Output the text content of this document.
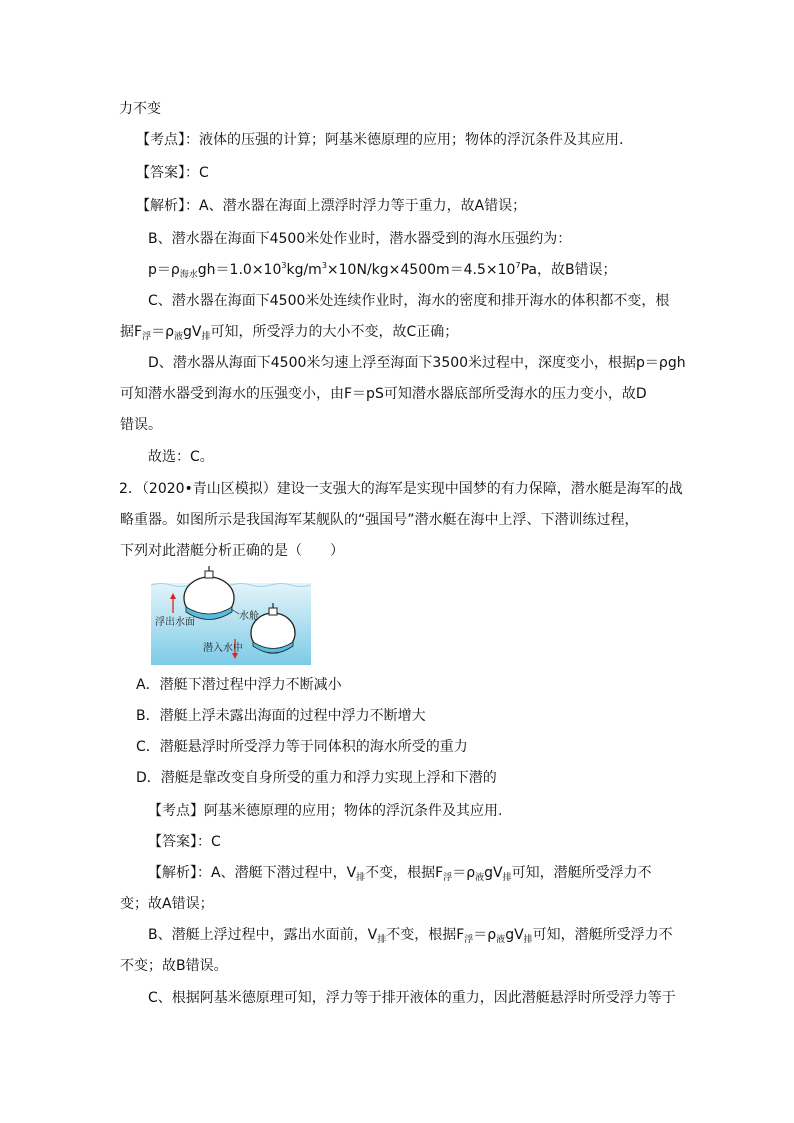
力不变
【考点】：液体的压强的计算；阿基米德原理的应用；物体的浮沉条件及其应用.
【答案】：C
【解析】：A、潜水器在海面上漂浮时浮力等于重力，故A错误；
B、潜水器在海面下4500米处作业时，潜水器受到的海水压强约为：
$p=\rho_{海水}gh=1.0\times 10^3kg/m^3\times 10N/kg\times 4500m=4.5\times 10^7Pa$，故B错误；
C、潜水器在海面下4500米处连续作业时，海水的密度和排开海水的体积都不变，根
据$F_浮=\rho_液gV_排$可知，所受浮力的大小不变，故C正确；
D、潜水器从海面下4500米匀速上浮至海面下3500米过程中，深度变小，根据p＝ρgh
可知潜水器受到海水的压强变小，由F＝pS可知潜水器底部所受海水的压力变小，故D
错误。
故选：C。
2．（2020•青山区模拟）建设一支强大的海军是实现中国梦的有力保障，潜水艇是海军的战
略重器。如图所示是我国海军某舰队的“强国号”潜水艇在海中上浮、下潜训练过程，
下列对此潜艇分析正确的是（　　）
浮出水面
水舱
潜入水中
A．潜艇下潜过程中浮力不断减小
B．潜艇上浮未露出海面的过程中浮力不断增大
C．潜艇悬浮时所受浮力等于同体积的海水所受的重力
D．潜艇是靠改变自身所受的重力和浮力实现上浮和下潜的
【考点】阿基米德原理的应用；物体的浮沉条件及其应用.
【答案】：C
【解析】：A、潜艇下潜过程中，$V_排$不变，根据$F_浮=\rho_液gV_排$可知，潜艇所受浮力不
变；故A错误；
B、潜艇上浮过程中，露出水面前，$V_排$不变，根据$F_浮=\rho_液gV_排$可知，潜艇所受浮力不
不变；故B错误。
C、根据阿基米德原理可知，浮力等于排开液体的重力，因此潜艇悬浮时所受浮力等于
